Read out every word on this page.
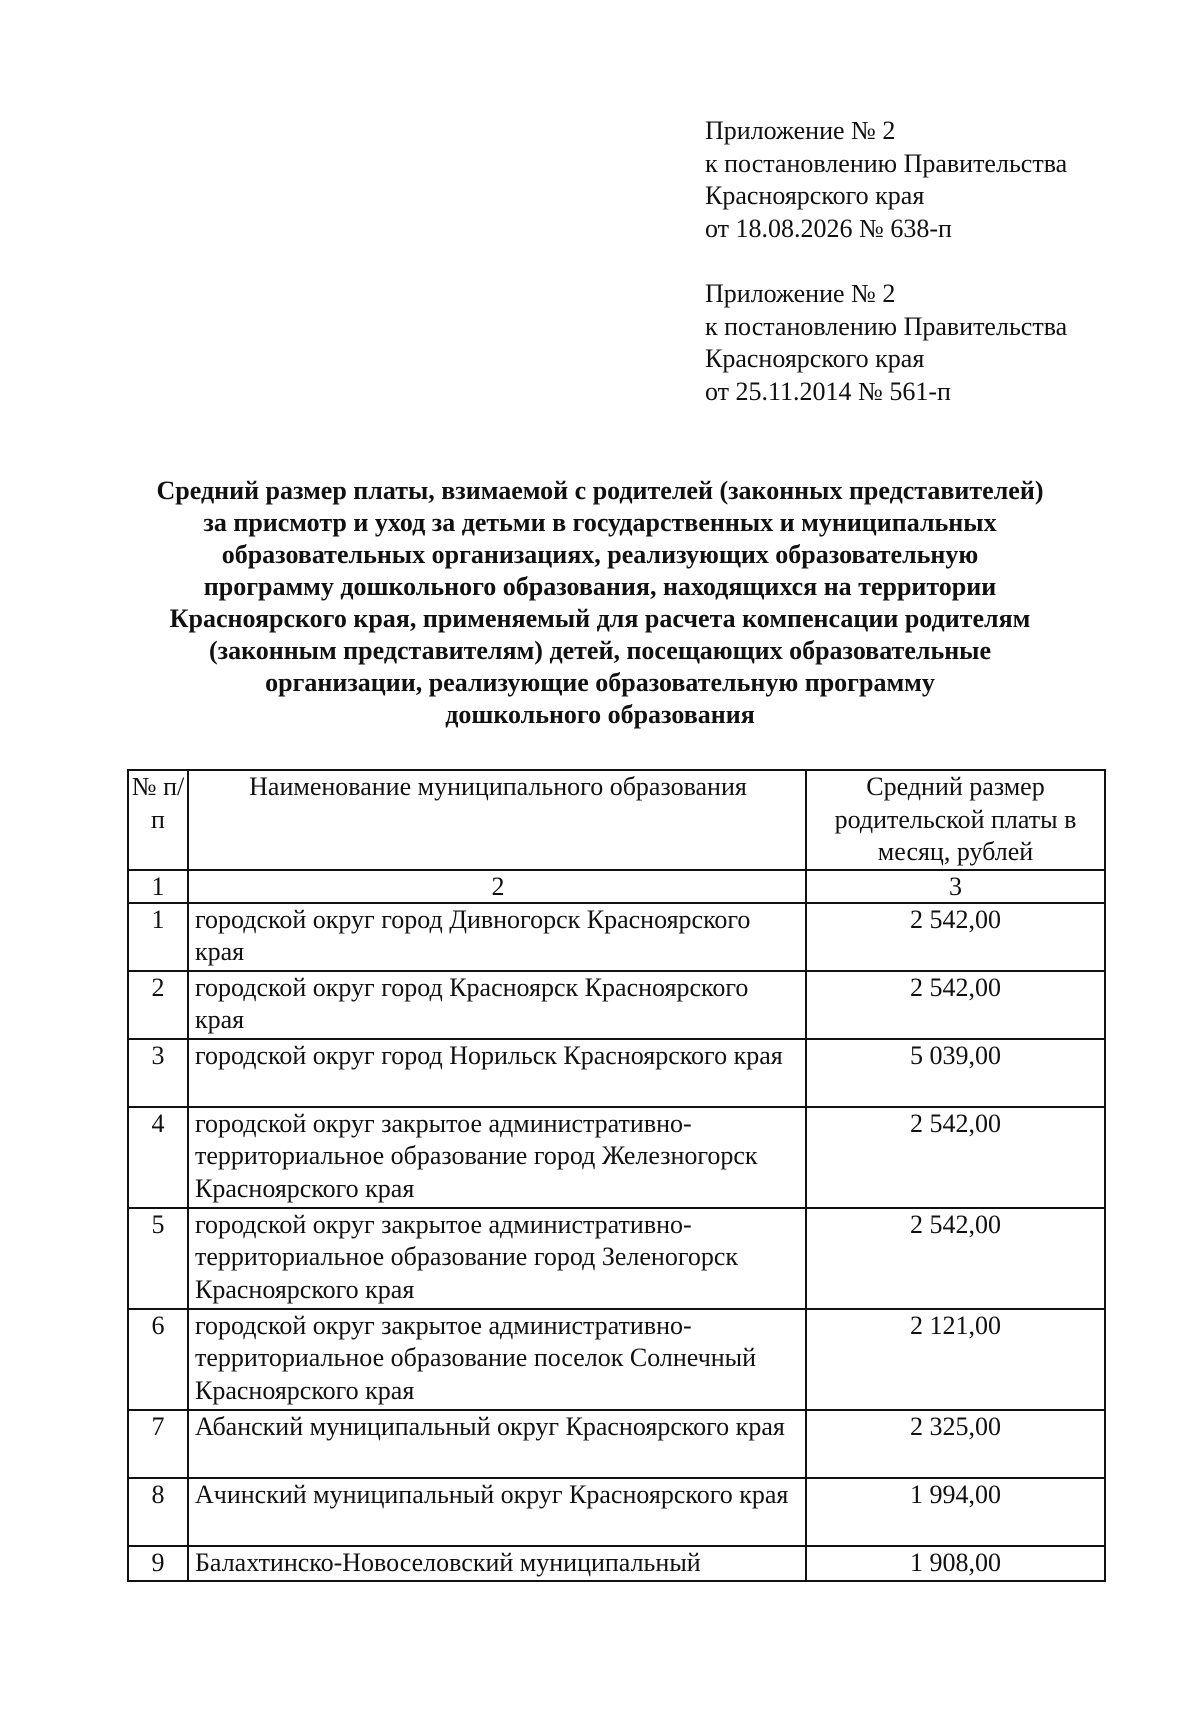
Приложение № 2
к постановлению Правительства
Красноярского края
от 18.08.2026 № 638-п
Приложение № 2
к постановлению Правительства
Красноярского края
от 25.11.2014 № 561-п
Средний размер платы, взимаемой с родителей (законных представителей)
за присмотр и уход за детьми в государственных и муниципальных
образовательных организациях, реализующих образовательную
программу дошкольного образования, находящихся на территории
Красноярского края, применяемый для расчета компенсации родителям
(законным представителям) детей, посещающих образовательные
организации, реализующие образовательную программу
дошкольного образования
№ п/п	Наименование муниципального образования	Средний размер родительской платы в месяц, рублей
1	2	3
1	городской округ город Дивногорск Красноярского края	2 542,00
2	городской округ город Красноярск Красноярского края	2 542,00
3	городской округ город Норильск Красноярского края	5 039,00
4	городской округ закрытое административно-территориальное образование город Железногорск Красноярского края	2 542,00
5	городской округ закрытое административно-территориальное образование город Зеленогорск Красноярского края	2 542,00
6	городской округ закрытое административно-территориальное образование поселок Солнечный Красноярского края	2 121,00
7	Абанский муниципальный округ Красноярского края	2 325,00
8	Ачинский муниципальный округ Красноярского края	1 994,00
9	Балахтинско-Новоселовский муниципальный	1 908,00
